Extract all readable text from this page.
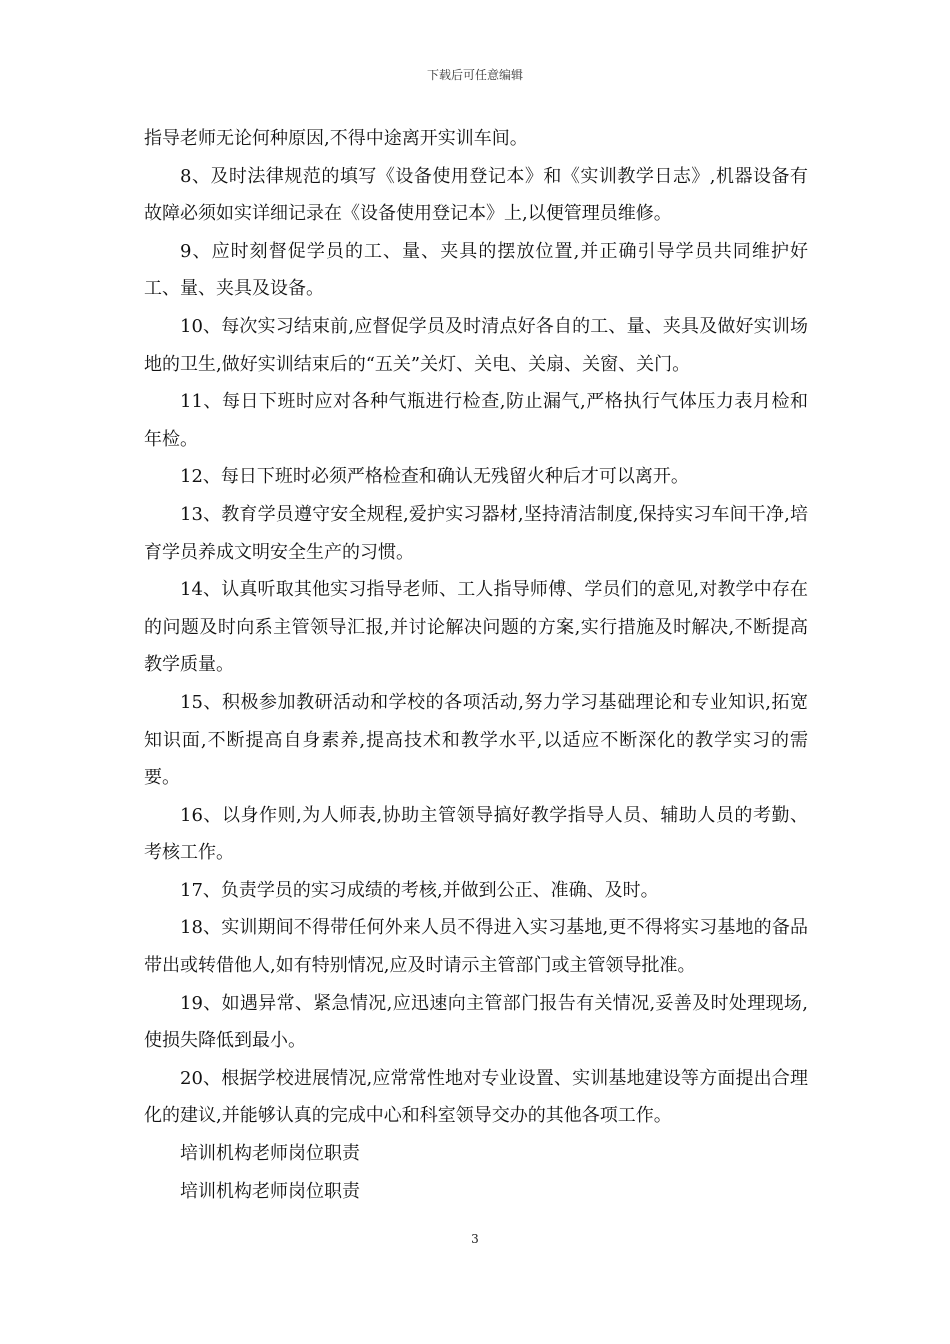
下载后可任意编辑

指导老师无论何种原因,不得中途离开实训车间。

8、及时法律规范的填写《设备使用登记本》和《实训教学日志》,机器设备有故障必须如实详细记录在《设备使用登记本》上,以便管理员维修。

9、应时刻督促学员的工、量、夹具的摆放位置,并正确引导学员共同维护好工、量、夹具及设备。

10、每次实习结束前,应督促学员及时清点好各自的工、量、夹具及做好实训场地的卫生,做好实训结束后的“五关”关灯、关电、关扇、关窗、关门。

11、每日下班时应对各种气瓶进行检查,防止漏气,严格执行气体压力表月检和年检。

12、每日下班时必须严格检查和确认无残留火种后才可以离开。

13、教育学员遵守安全规程,爱护实习器材,坚持清洁制度,保持实习车间干净,培育学员养成文明安全生产的习惯。

14、认真听取其他实习指导老师、工人指导师傅、学员们的意见,对教学中存在的问题及时向系主管领导汇报,并讨论解决问题的方案,实行措施及时解决,不断提高教学质量。

15、积极参加教研活动和学校的各项活动,努力学习基础理论和专业知识,拓宽知识面,不断提高自身素养,提高技术和教学水平,以适应不断深化的教学实习的需要。

16、以身作则,为人师表,协助主管领导搞好教学指导人员、辅助人员的考勤、考核工作。

17、负责学员的实习成绩的考核,并做到公正、准确、及时。

18、实训期间不得带任何外来人员不得进入实习基地,更不得将实习基地的备品带出或转借他人,如有特别情况,应及时请示主管部门或主管领导批准。

19、如遇异常、紧急情况,应迅速向主管部门报告有关情况,妥善及时处理现场,使损失降低到最小。

20、根据学校进展情况,应常常性地对专业设置、实训基地建设等方面提出合理化的建议,并能够认真的完成中心和科室领导交办的其他各项工作。

培训机构老师岗位职责

培训机构老师岗位职责

3
